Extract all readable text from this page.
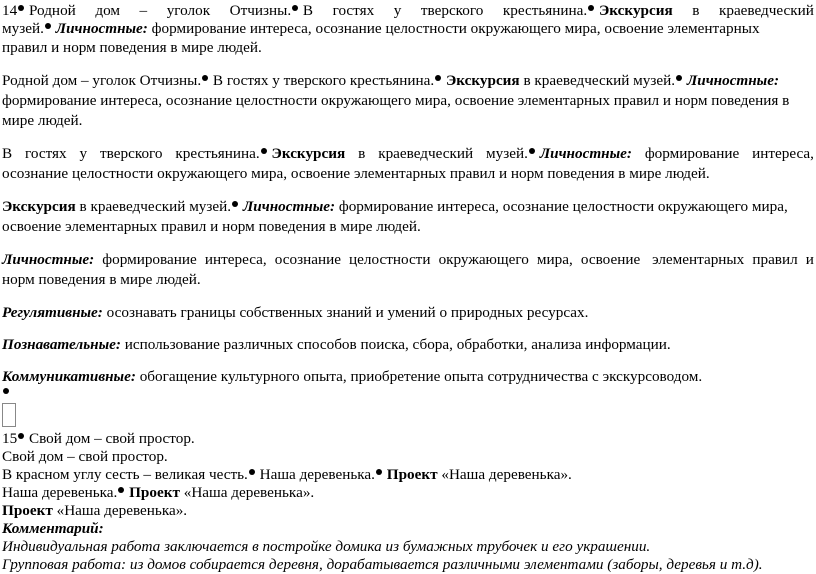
14 Родной дом – уголок Отчизны. В гостях у тверского крестьянина. Экскурсия в краеведческий
музей. Личностные: формирование интереса, осознание целостности окружающего мира, освоение элементарных
правил и норм поведения в мире людей.
Родной дом – уголок Отчизны. В гостях у тверского крестьянина. Экскурсия в краеведческий музей. Личностные:
формирование интереса, осознание целостности окружающего мира, освоение элементарных правил и норм поведения в
мире людей.
В гостях у тверского крестьянина. Экскурсия в краеведческий музей. Личностные: формирование интереса,
осознание целостности окружающего мира, освоение элементарных правил и норм поведения в мире людей.
Экскурсия в краеведческий музей. Личностные: формирование интереса, осознание целостности окружающего мира,
освоение элементарных правил и норм поведения в мире людей.
Личностные: формирование интереса, осознание целостности окружающего мира, освоение элементарных правил и
норм поведения в мире людей.
Регулятивные: осознавать границы собственных знаний и умений о природных ресурсах.
Познавательные: использование различных способов поиска, сбора, обработки, анализа информации.
Коммуникативные: обогащение культурного опыта, приобретение опыта сотрудничества с экскурсоводом.
15 Свой дом – свой простор.
Свой дом – свой простор.
В красном углу сесть – великая честь. Наша деревенька. Проект «Наша деревенька».
Наша деревенька. Проект «Наша деревенька».
Проект «Наша деревенька».
Комментарий:
Индивидуальная работа заключается в постройке домика из бумажных трубочек и его украшении.
Групповая работа: из домов собирается деревня, дорабатывается различными элементами (заборы, деревья и т.д).
